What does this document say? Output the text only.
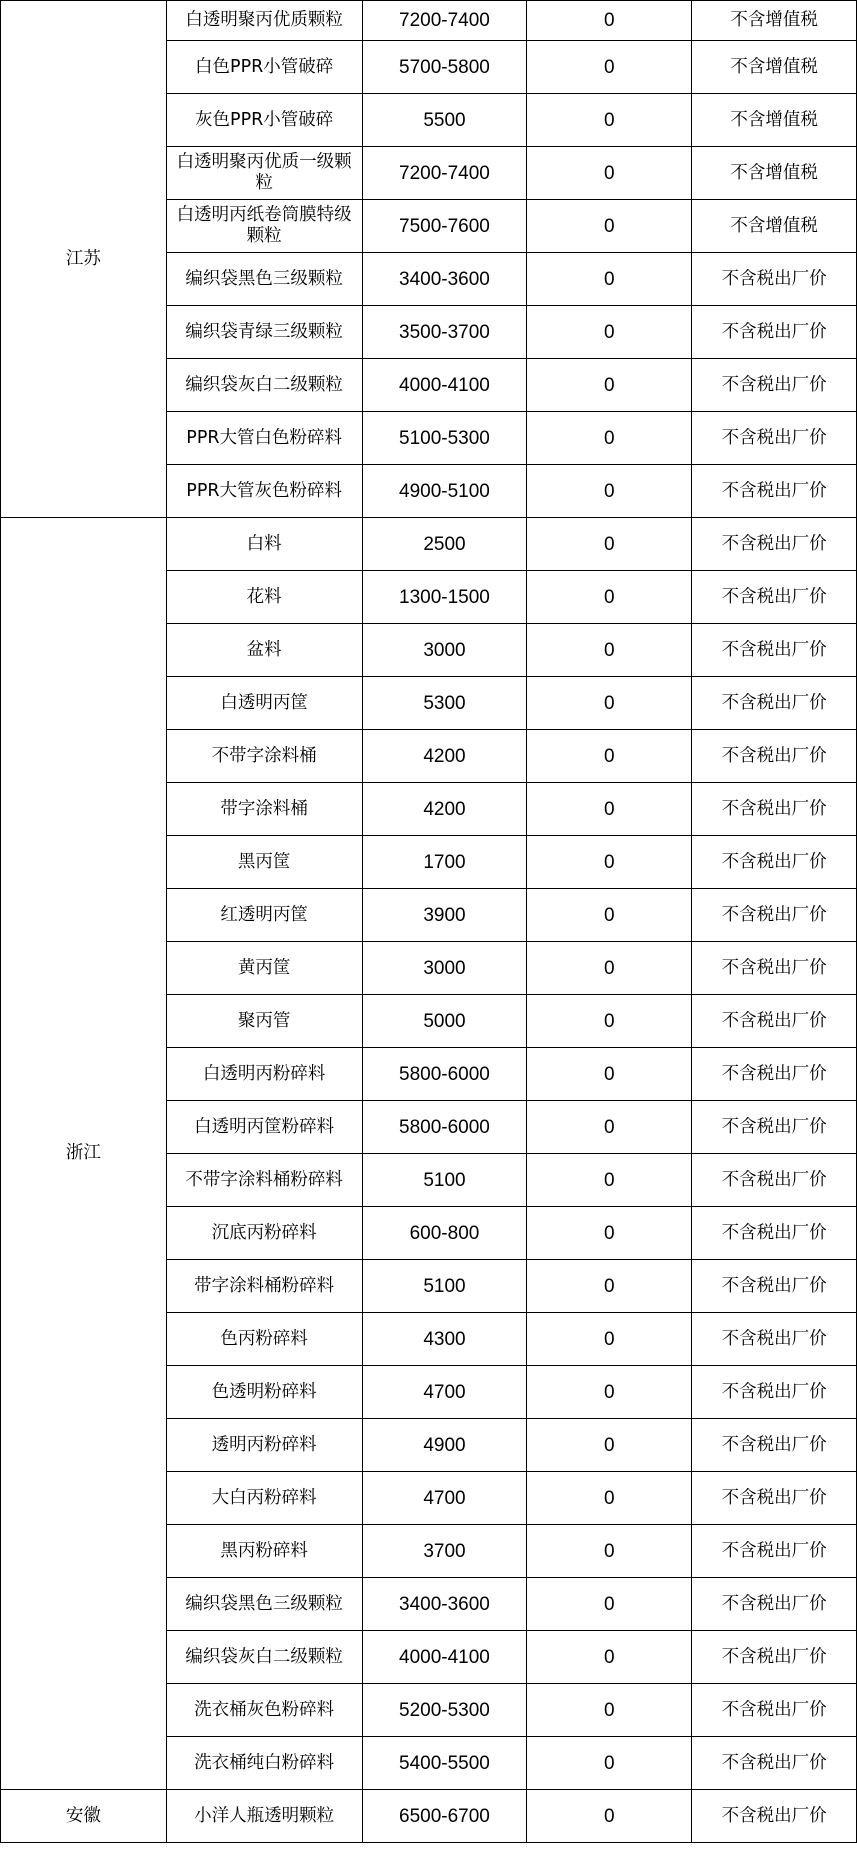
江苏	白透明聚丙优质颗粒	7200-7400	0	不含增值税
	白色PPR小管破碎	5700-5800	0	不含增值税
	灰色PPR小管破碎	5500	0	不含增值税
	白透明聚丙优质一级颗粒	7200-7400	0	不含增值税
	白透明丙纸卷筒膜特级颗粒	7500-7600	0	不含增值税
	编织袋黑色三级颗粒	3400-3600	0	不含税出厂价
	编织袋青绿三级颗粒	3500-3700	0	不含税出厂价
	编织袋灰白二级颗粒	4000-4100	0	不含税出厂价
	PPR大管白色粉碎料	5100-5300	0	不含税出厂价
	PPR大管灰色粉碎料	4900-5100	0	不含税出厂价
浙江	白料	2500	0	不含税出厂价
	花料	1300-1500	0	不含税出厂价
	盆料	3000	0	不含税出厂价
	白透明丙筐	5300	0	不含税出厂价
	不带字涂料桶	4200	0	不含税出厂价
	带字涂料桶	4200	0	不含税出厂价
	黑丙筐	1700	0	不含税出厂价
	红透明丙筐	3900	0	不含税出厂价
	黄丙筐	3000	0	不含税出厂价
	聚丙管	5000	0	不含税出厂价
	白透明丙粉碎料	5800-6000	0	不含税出厂价
	白透明丙筐粉碎料	5800-6000	0	不含税出厂价
	不带字涂料桶粉碎料	5100	0	不含税出厂价
	沉底丙粉碎料	600-800	0	不含税出厂价
	带字涂料桶粉碎料	5100	0	不含税出厂价
	色丙粉碎料	4300	0	不含税出厂价
	色透明粉碎料	4700	0	不含税出厂价
	透明丙粉碎料	4900	0	不含税出厂价
	大白丙粉碎料	4700	0	不含税出厂价
	黑丙粉碎料	3700	0	不含税出厂价
	编织袋黑色三级颗粒	3400-3600	0	不含税出厂价
	编织袋灰白二级颗粒	4000-4100	0	不含税出厂价
	洗衣桶灰色粉碎料	5200-5300	0	不含税出厂价
	洗衣桶纯白粉碎料	5400-5500	0	不含税出厂价
安徽	小洋人瓶透明颗粒	6500-6700	0	不含税出厂价
